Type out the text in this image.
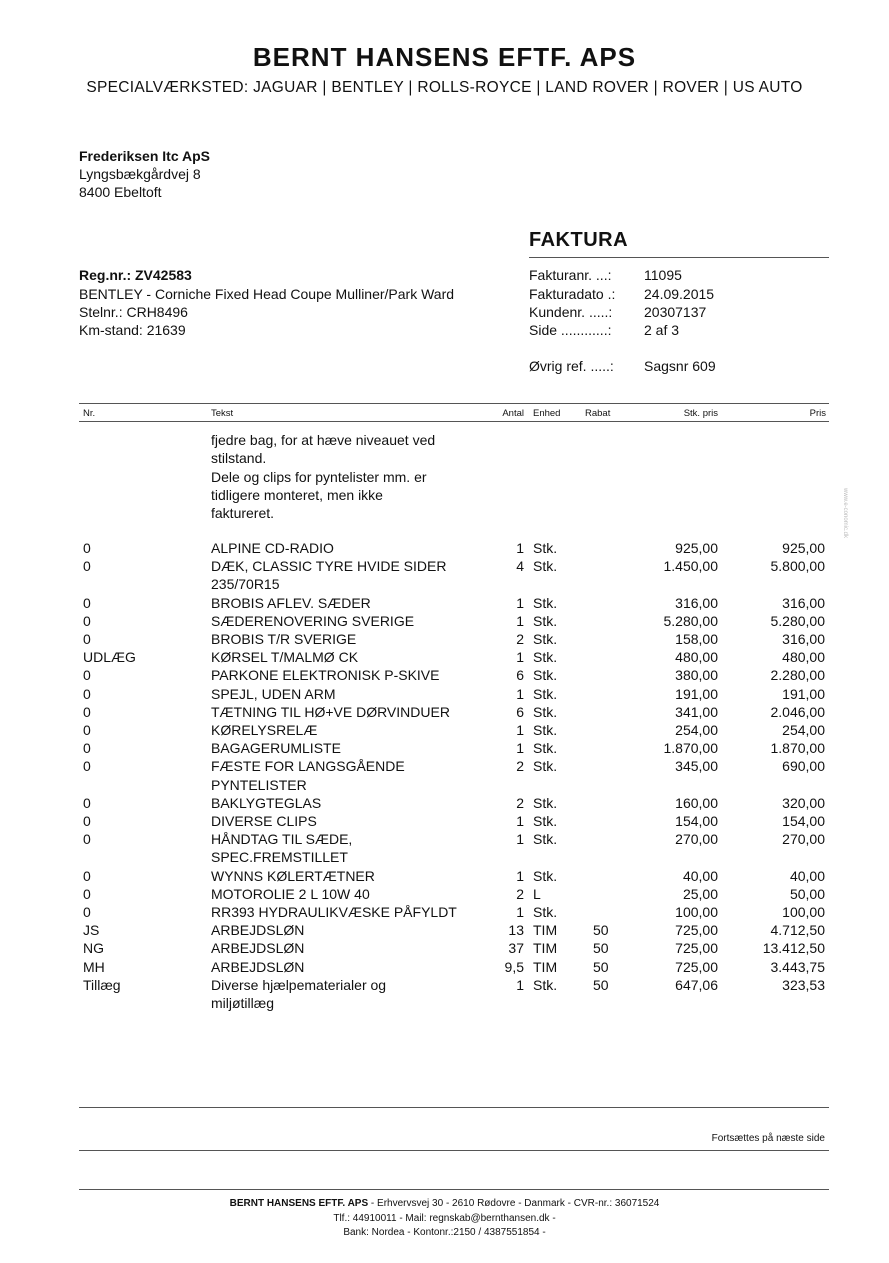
BERNT HANSENS EFTF. APS
SPECIALVÆRKSTED: JAGUAR | BENTLEY | ROLLS-ROYCE | LAND ROVER | ROVER | US AUTO
Frederiksen Itc ApS
Lyngsbækgårdvej 8
8400 Ebeltoft
FAKTURA
Reg.nr.: ZV42583
BENTLEY - Corniche Fixed Head Coupe Mulliner/Park Ward
Stelnr.: CRH8496
Km-stand: 21639
Fakturanr. ...: 11095
Fakturadato .: 24.09.2015
Kundenr. .....: 20307137
Side ............: 2 af 3
Øvrig ref. .....: Sagsnr 609
Nr.	Tekst	Antal Enhed	Rabat	Stk. pris	Pris
fjedre bag, for at hæve niveauet ved
stilstand.
Dele og clips for pyntelister mm. er
tidligere monteret, men ikke
faktureret.
0	ALPINE CD-RADIO	1 Stk.	925,00	925,00
0	DÆK, CLASSIC TYRE HVIDE SIDER	4 Stk.	1.450,00	5.800,00
235/70R15
0	BROBIS AFLEV. SÆDER	1 Stk.	316,00	316,00
0	SÆDERENOVERING SVERIGE	1 Stk.	5.280,00	5.280,00
0	BROBIS T/R SVERIGE	2 Stk.	158,00	316,00
UDLÆG	KØRSEL T/MALMØ CK	1 Stk.	480,00	480,00
0	PARKONE ELEKTRONISK P-SKIVE	6 Stk.	380,00	2.280,00
0	SPEJL, UDEN ARM	1 Stk.	191,00	191,00
0	TÆTNING TIL HØ+VE DØRVINDUER	6 Stk.	341,00	2.046,00
0	KØRELYSRELÆ	1 Stk.	254,00	254,00
0	BAGAGERUMLISTE	1 Stk.	1.870,00	1.870,00
0	FÆSTE FOR LANGSGÅENDE	2 Stk.	345,00	690,00
PYNTELISTER
0	BAKLYGTEGLAS	2 Stk.	160,00	320,00
0	DIVERSE CLIPS	1 Stk.	154,00	154,00
0	HÅNDTAG TIL SÆDE,	1 Stk.	270,00	270,00
SPEC.FREMSTILLET
0	WYNNS KØLERTÆTNER	1 Stk.	40,00	40,00
0	MOTOROLIE 2 L 10W 40	2 L	25,00	50,00
0	RR393 HYDRAULIKVÆSKE PÅFYLDT	1 Stk.	100,00	100,00
JS	ARBEJDSLØN	13 TIM	50	725,00	4.712,50
NG	ARBEJDSLØN	37 TIM	50	725,00	13.412,50
MH	ARBEJDSLØN	9,5 TIM	50	725,00	3.443,75
Tillæg	Diverse hjælpematerialer og	1 Stk.	50	647,06	323,53
miljøtillæg
Fortsættes på næste side
BERNT HANSENS EFTF. APS - Erhvervsvej 30 - 2610 Rødovre - Danmark - CVR-nr.: 36071524
Tlf.: 44910011 - Mail: regnskab@bernthansen.dk -
Bank: Nordea - Kontonr.:2150 / 4387551854 -
www.e-conomic.dk
